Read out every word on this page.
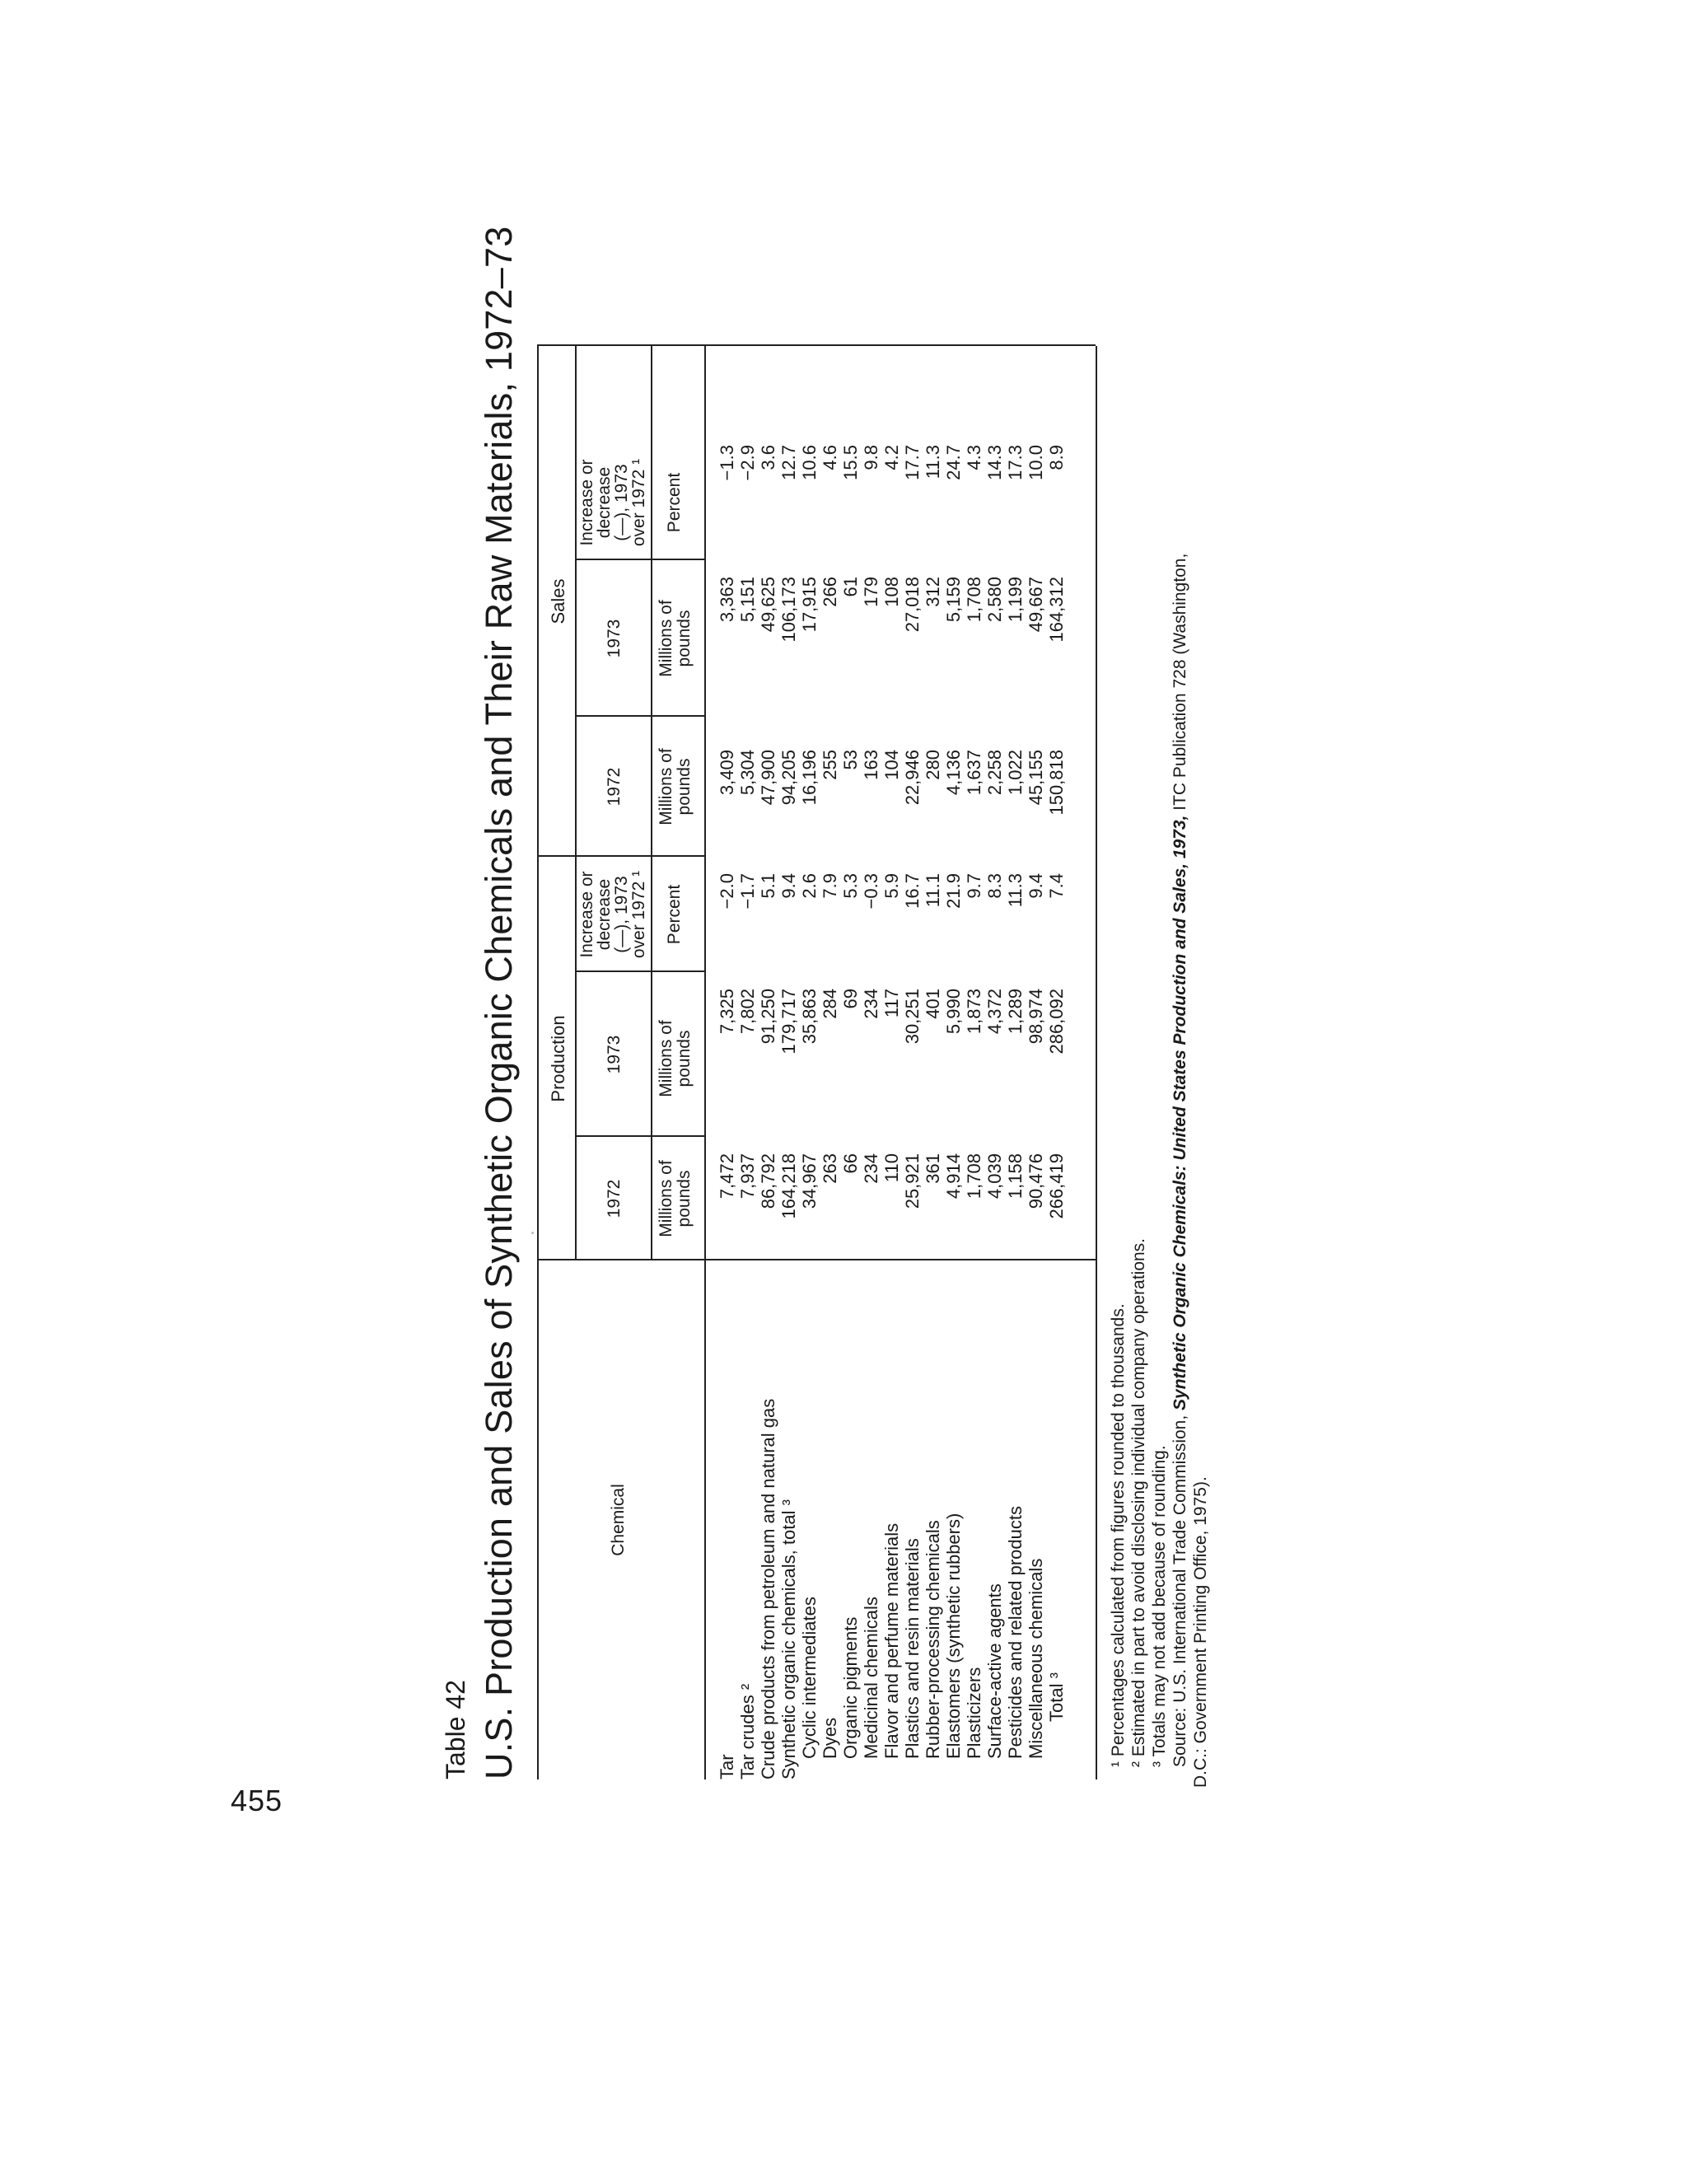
Table 42 U.S. Production and Sales of Synthetic Organic Chemicals and Their Raw Materials, 1972–73	Chemical
Production
Sales
1972
1973
Increase or decrease (—), 1973 over 1972 ¹
1972
1973
Increase or decrease (—), 1973 over 1972 ¹
Millions of pounds
Millions of pounds
Percent
Millions of pounds
Millions of pounds
Percent
Tar
7,472
7,325
−2.0
3,409
3,363
−1.3
Tar crudes ²
7,937
7,802
−1.7
5,304
5,151
−2.9
Crude products from petroleum and natural gas
86,792
91,250
5.1
47,900
49,625
3.6
Synthetic organic chemicals, total ³
164,218
179,717
9.4
94,205
106,173
12.7
Cyclic intermediates
34,967
35,863
2.6
16,196
17,915
10.6
Dyes
263
284
7.9
255
266
4.6
Organic pigments
66
69
5.3
53
61
15.5
Medicinal chemicals
234
234
−0.3
163
179
9.8
Flavor and perfume materials
110
117
5.9
104
108
4.2
Plastics and resin materials
25,921
30,251
16.7
22,946
27,018
17.7
Rubber-processing chemicals
361
401
11.1
280
312
11.3
Elastomers (synthetic rubbers)
4,914
5,990
21.9
4,136
5,159
24.7
Plasticizers
1,708
1,873
9.7
1,637
1,708
4.3
Surface-active agents
4,039
4,372
8.3
2,258
2,580
14.3
Pesticides and related products
1,158
1,289
11.3
1,022
1,199
17.3
Miscellaneous chemicals
90,476
98,974
9.4
45,155
49,667
10.0
Total ³
266,419
286,092
7.4
150,818
164,312
8.9
¹ Percentages calculated from figures rounded to thousands. ² Estimated in part to avoid disclosing individual company operations. ³ Totals may not add because of rounding. Source: U.S. International Trade Commission, Synthetic Organic Chemicals: United States Production and Sales, 1973, ITC Publication 728 (Washington,
D.C.: Government Printing Office, 1975).
455
